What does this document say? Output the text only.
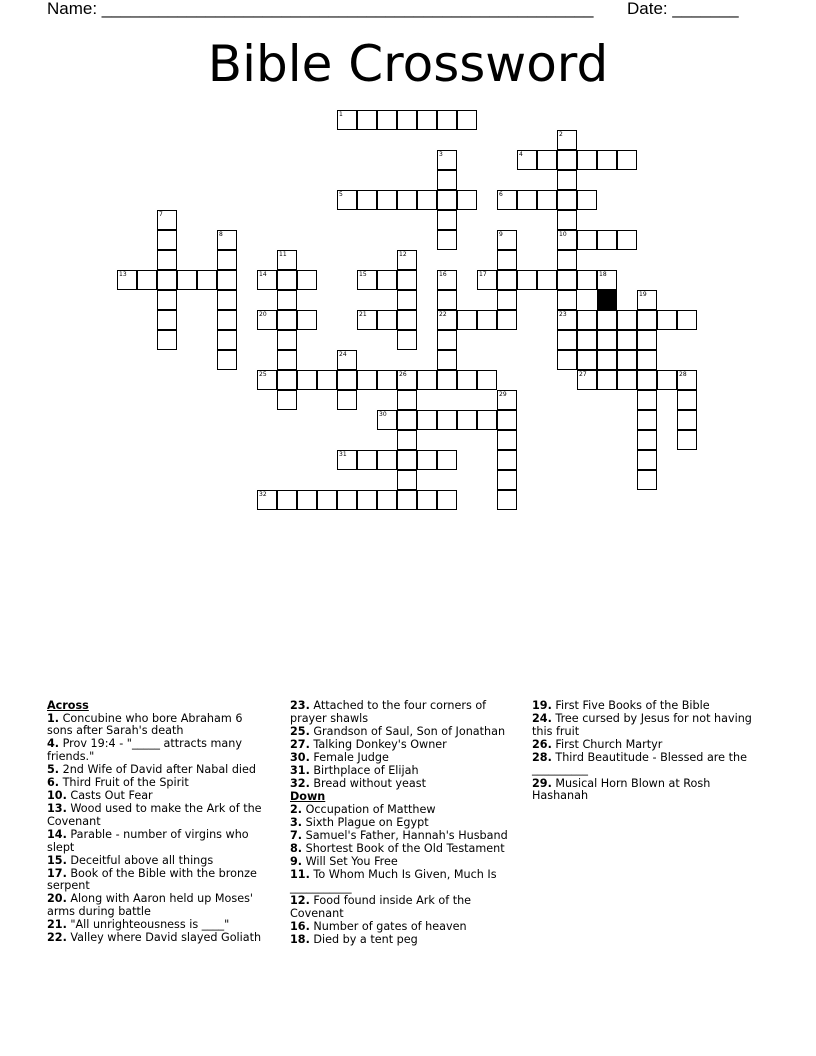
Name: ____________________________________________________ Date: _______
Bible Crossword
1
2
10
3	4
5	6
7
8	9
11	12
13	14	15	16
22
17	18
19
20	21	23
24
25	26	27	28
29
30
31
32
Across
1. Concubine who bore Abraham 6 sons after Sarah's death
4. Prov 19:4 - "_____ attracts many friends."
5. 2nd Wife of David after Nabal died
6. Third Fruit of the Spirit
10. Casts Out Fear
13. Wood used to make the Ark of the Covenant
14. Parable - number of virgins who slept
15. Deceitful above all things
17. Book of the Bible with the bronze serpent
20. Along with Aaron held up Moses' arms during battle
21. "All unrighteousness is ____"
22. Valley where David slayed Goliath
23. Attached to the four corners of prayer shawls
25. Grandson of Saul, Son of Jonathan
27. Talking Donkey's Owner
30. Female Judge
31. Birthplace of Elijah
32. Bread without yeast
Down
2. Occupation of Matthew
3. Sixth Plague on Egypt
7. Samuel's Father, Hannah's Husband
8. Shortest Book of the Old Testament
9. Will Set You Free
11. To Whom Much Is Given, Much Is ___________
12. Food found inside Ark of the Covenant
16. Number of gates of heaven
18. Died by a tent peg
19. First Five Books of the Bible
24. Tree cursed by Jesus for not having this fruit
26. First Church Martyr
28. Third Beautitude - Blessed are the __________
29. Musical Horn Blown at Rosh Hashanah
